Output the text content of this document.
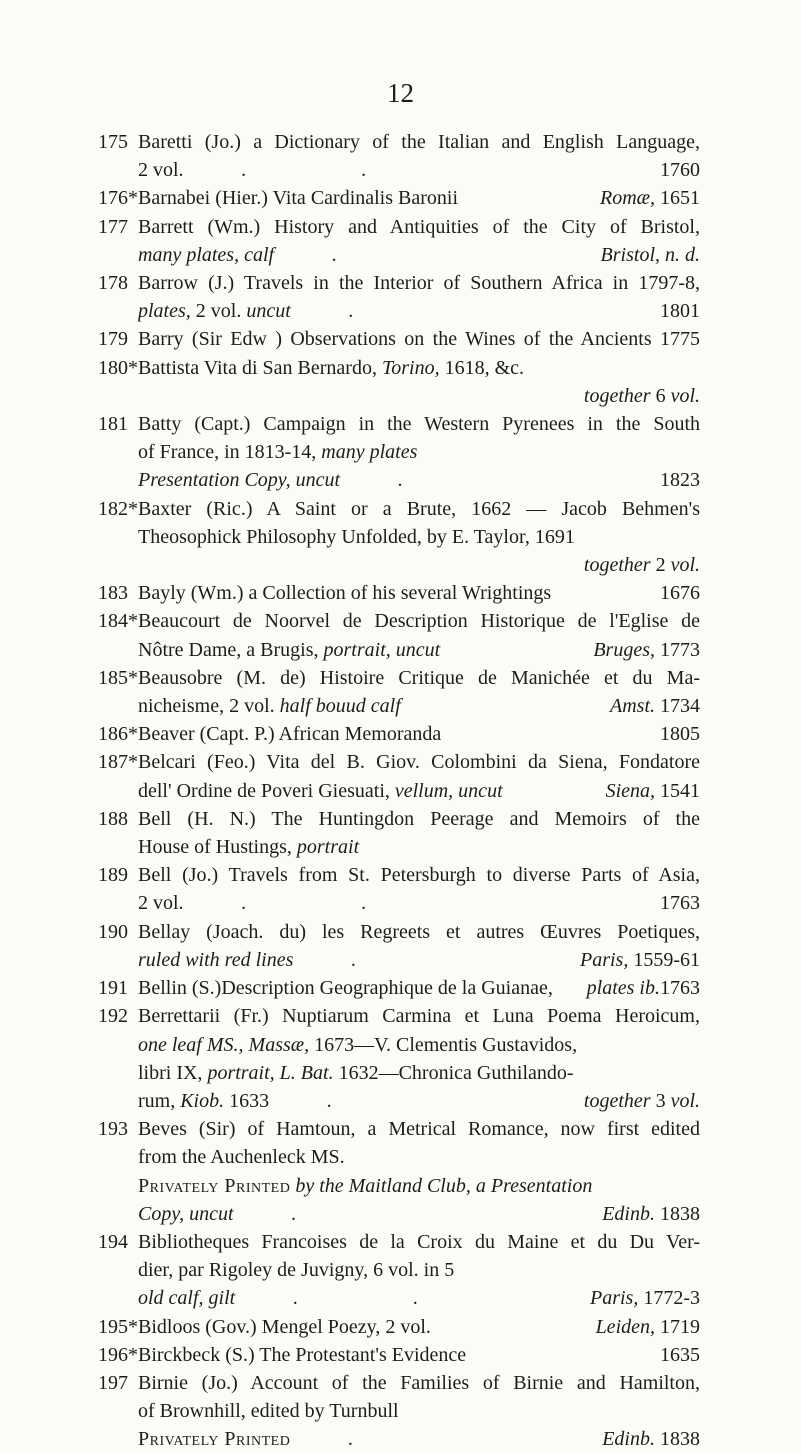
12
175 Baretti (Jo.) a Dictionary of the Italian and English Language,
2 vol.	.	.	1760
176* Barnabei (Hier.) Vita Cardinalis Baronii	Romæ, 1651
177 Barrett (Wm.) History and Antiquities of the City of Bristol,
many plates, calf	.	Bristol, n. d.
178 Barrow (J.) Travels in the Interior of Southern Africa in 1797-8,
plates, 2 vol. uncut	.	1801
179 Barry (Sir Edw ) Observations on the Wines of the Ancients 1775
180* Battista Vita di San Bernardo, Torino, 1618, &c.
together 6 vol.
181 Batty (Capt.) Campaign in the Western Pyrenees in the South
of France, in 1813-14, many plates
Presentation Copy, uncut	.	1823
182* Baxter (Ric.) A Saint or a Brute, 1662 — Jacob Behmen's
Theosophick Philosophy Unfolded, by E. Taylor, 1691
together 2 vol.
183 Bayly (Wm.) a Collection of his several Wrightings	1676
184* Beaucourt de Noorvel de Description Historique de l'Eglise de
Nôtre Dame, a Brugis, portrait, uncut	Bruges, 1773
185* Beausobre (M. de) Histoire Critique de Manichée et du Ma-
nicheisme, 2 vol. half bouud calf	Amst. 1734
186* Beaver (Capt. P.) African Memoranda	1805
187* Belcari (Feo.) Vita del B. Giov. Colombini da Siena, Fondatore
dell' Ordine de Poveri Giesuati, vellum, uncut	Siena, 1541
188 Bell (H. N.) The Huntingdon Peerage and Memoirs of the
House of Hustings, portrait
189 Bell (Jo.) Travels from St. Petersburgh to diverse Parts of Asia,
2 vol.	.	.	1763
190 Bellay (Joach. du) les Regreets et autres Œuvres Poetiques,
ruled with red lines	.	Paris, 1559-61
191 Bellin (S.)Description Geographique de la Guianae,	plates ib.1763
192 Berrettarii (Fr.) Nuptiarum Carmina et Luna Poema Heroicum,
one leaf MS., Massæ, 1673—V. Clementis Gustavidos,
libri IX, portrait, L. Bat. 1632—Chronica Guthilando-
rum, Kiob. 1633	.	together 3 vol.
193 Beves (Sir) of Hamtoun, a Metrical Romance, now first edited
from the Auchenleck MS.
Privately Printed by the Maitland Club, a Presentation
Copy, uncut	.	Edinb. 1838
194 Bibliotheques Francoises de la Croix du Maine et du Du Ver-
dier, par Rigoley de Juvigny, 6 vol. in 5
old calf, gilt	.	.	Paris, 1772-3
195* Bidloos (Gov.) Mengel Poezy, 2 vol.	Leiden, 1719
196* Birckbeck (S.) The Protestant's Evidence	1635
197 Birnie (Jo.) Account of the Families of Birnie and Hamilton,
of Brownhill, edited by Turnbull
Privately Printed	.	Edinb. 1838
